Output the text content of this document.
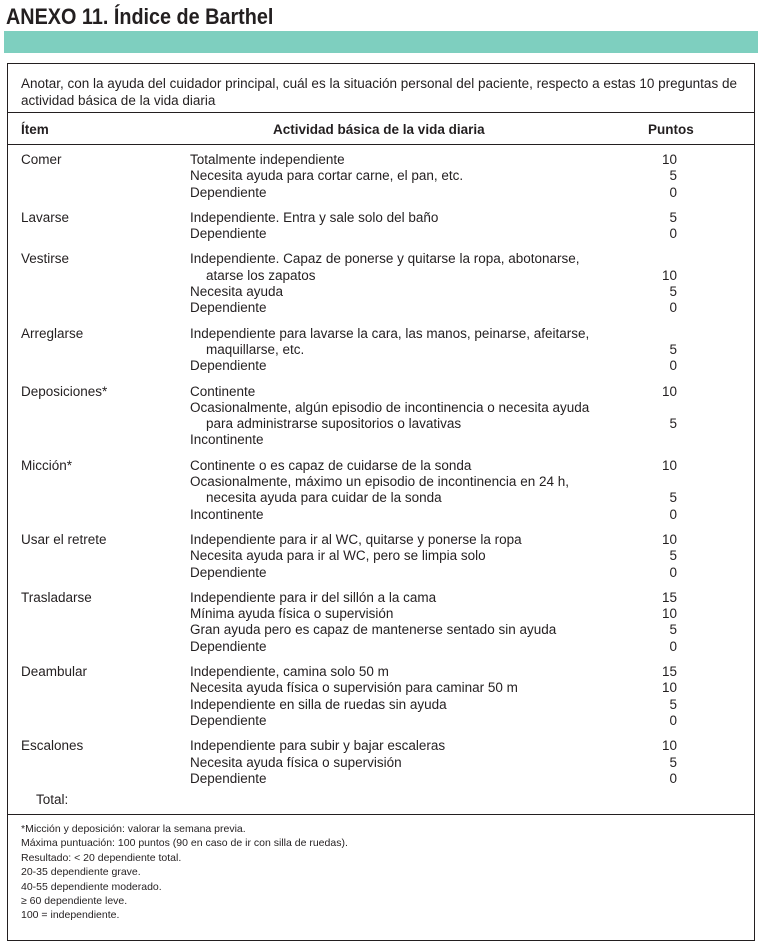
ANEXO 11. Índice de Barthel
Anotar, con la ayuda del cuidador principal, cuál es la situación personal del paciente, respecto a estas 10 preguntas de actividad básica de la vida diaria
Ítem	Actividad básica de la vida diaria	Puntos
Comer	Totalmente independiente	10
Necesita ayuda para cortar carne, el pan, etc.	5
Dependiente	0
Lavarse	Independiente. Entra y sale solo del baño	5
Dependiente	0
Vestirse	Independiente. Capaz de ponerse y quitarse la ropa, abotonarse,
atarse los zapatos	10
Necesita ayuda	5
Dependiente	0
Arreglarse	Independiente para lavarse la cara, las manos, peinarse, afeitarse,
maquillarse, etc.	5
Dependiente	0
Deposiciones*	Continente	10
Ocasionalmente, algún episodio de incontinencia o necesita ayuda
para administrarse supositorios o lavativas	5
Incontinente
Micción*	Continente o es capaz de cuidarse de la sonda	10
Ocasionalmente, máximo un episodio de incontinencia en 24 h,
necesita ayuda para cuidar de la sonda	5
Incontinente	0
Usar el retrete	Independiente para ir al WC, quitarse y ponerse la ropa	10
Necesita ayuda para ir al WC, pero se limpia solo	5
Dependiente	0
Trasladarse	Independiente para ir del sillón a la cama	15
Mínima ayuda física o supervisión	10
Gran ayuda pero es capaz de mantenerse sentado sin ayuda	5
Dependiente	0
Deambular	Independiente, camina solo 50 m	15
Necesita ayuda física o supervisión para caminar 50 m	10
Independiente en silla de ruedas sin ayuda	5
Dependiente	0
Escalones	Independiente para subir y bajar escaleras	10
Necesita ayuda física o supervisión	5
Dependiente	0
Total:
*Micción y deposición: valorar la semana previa.
Máxima puntuación: 100 puntos (90 en caso de ir con silla de ruedas).
Resultado: < 20 dependiente total.
20-35 dependiente grave.
40-55 dependiente moderado.
≥ 60 dependiente leve.
100 = independiente.
